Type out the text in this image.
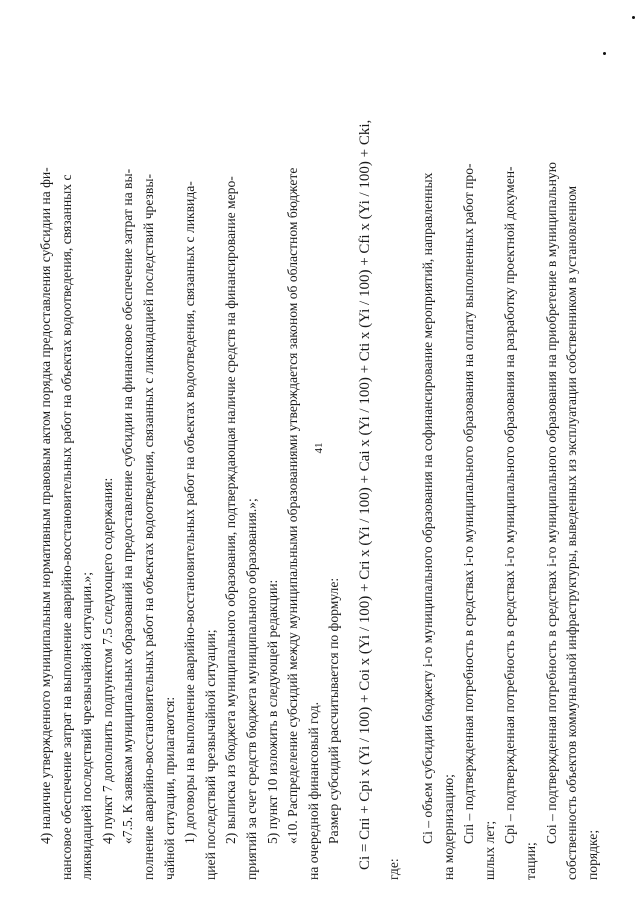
41
4) наличие утвержденного муниципальным нормативным правовым актом порядка предоставления субсидии на фи- нансовое обеспечение затрат на выполнение аварийно-восстановительных работ на объектах водоотведения, связанных с ликвидацией последствий чрезвычайной ситуации.»; 4) пункт 7 дополнить подпунктом 7.5 следующего содержания: «7.5. К заявкам муниципальных образований на предоставление субсидии на финансовое обеспечение затрат на вы- полнение аварийно-восстановительных работ на объектах водоотведения, связанных с ликвидацией последствий чрезвы- чайной ситуации, прилагаются: 1) договоры на выполнение аварийно-восстановительных работ на объектах водоотведения, связанных с ликвида- цией последствий чрезвычайной ситуации; 2) выписка из бюджета муниципального образования, подтверждающая наличие средств на финансирование меро- приятий за счет средств бюджета муниципального образования.»; 5) пункт 10 изложить в следующей редакции: «10. Распределение субсидий между муниципальными образованиями утверждается законом об областном бюджете на очередной финансовый год. Размер субсидий рассчитывается по формуле: Ci = Cпi + Cpi x (Yi / 100) + Coi x (Yi / 100) + Cri x (Yi / 100) + Cai x (Yi / 100) + Cti x (Yi / 100) + Cfi x (Yi / 100) + Cki, где:
Ci – объем субсидии бюджету i-го муниципального образования на софинансирование мероприятий, направленных на модернизацию; Cпi – подтвержденная потребность в средствах i-го муниципального образования на оплату выполненных работ про-
шлых лет;
Cpi – подтвержденная потребность в средствах i-го муниципального образования на разработку проектной докумен-
тации;
Coi – подтвержденная потребность в средствах i-го муниципального образования на приобретение в муниципальную собственность объектов коммунальной инфраструктуры, выведенных из эксплуатации собственником в установленном порядке;
